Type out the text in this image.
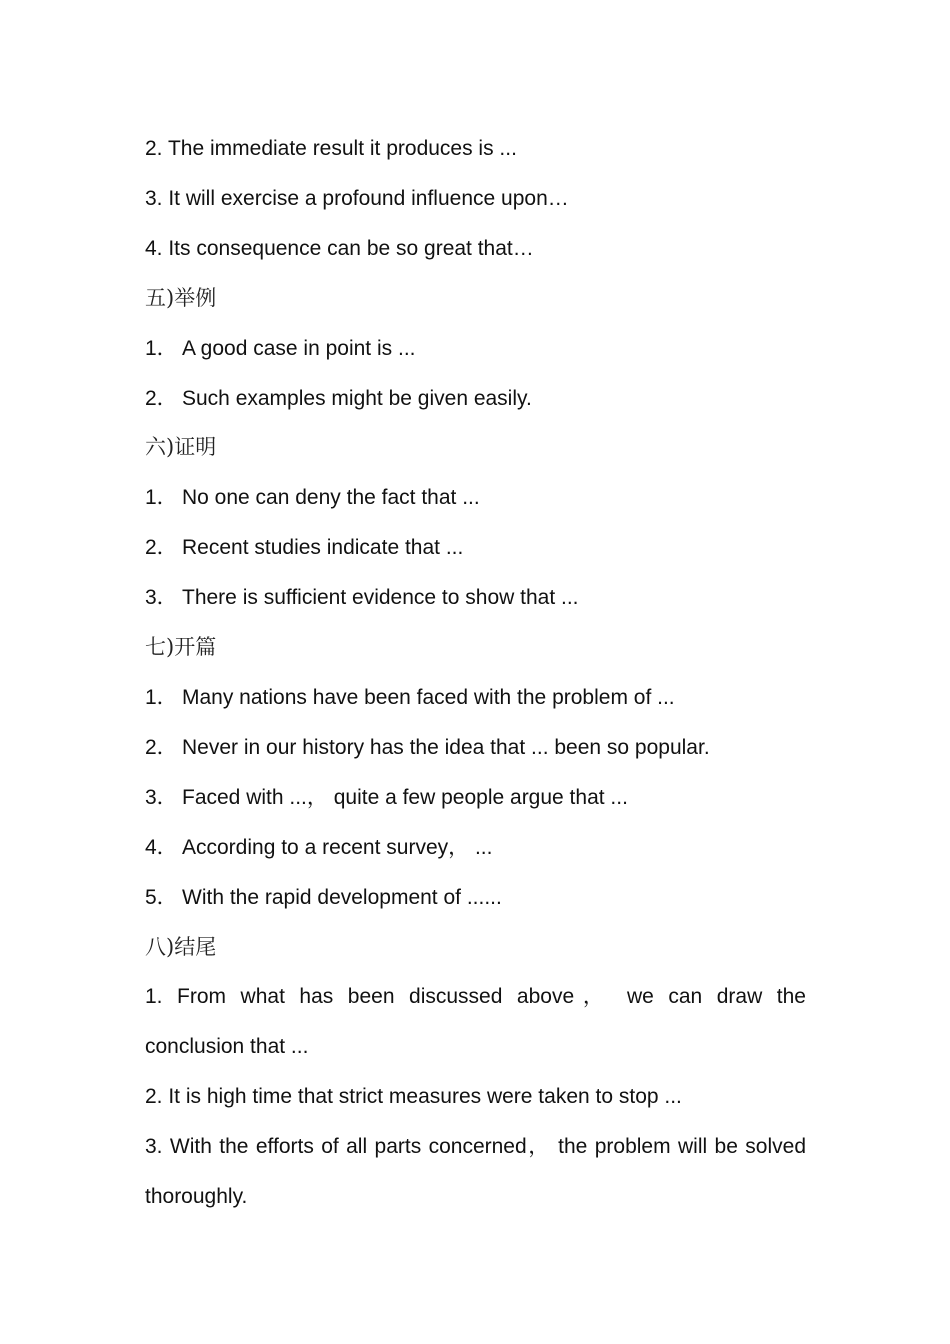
2. The immediate result it produces is ...

3. It will exercise a profound influence upon…

4. Its consequence can be so great that…

五)举例

1． A good case in point is ...

2． Such examples might be given easily.

六)证明

1． No one can deny the fact that ...

2． Recent studies indicate that ...

3． There is sufficient evidence to show that ...

七)开篇

1． Many nations have been faced with the problem of ...

2． Never in our history has the idea that ... been so popular.

3． Faced with ...， quite a few people argue that ...

4． According to a recent survey， ...

5． With the rapid development of ......

八)结尾

1. From what has been discussed above， we can draw the conclusion that ...

2. It is high time that strict measures were taken to stop ...

3. With the efforts of all parts concerned， the problem will be solved thoroughly.
